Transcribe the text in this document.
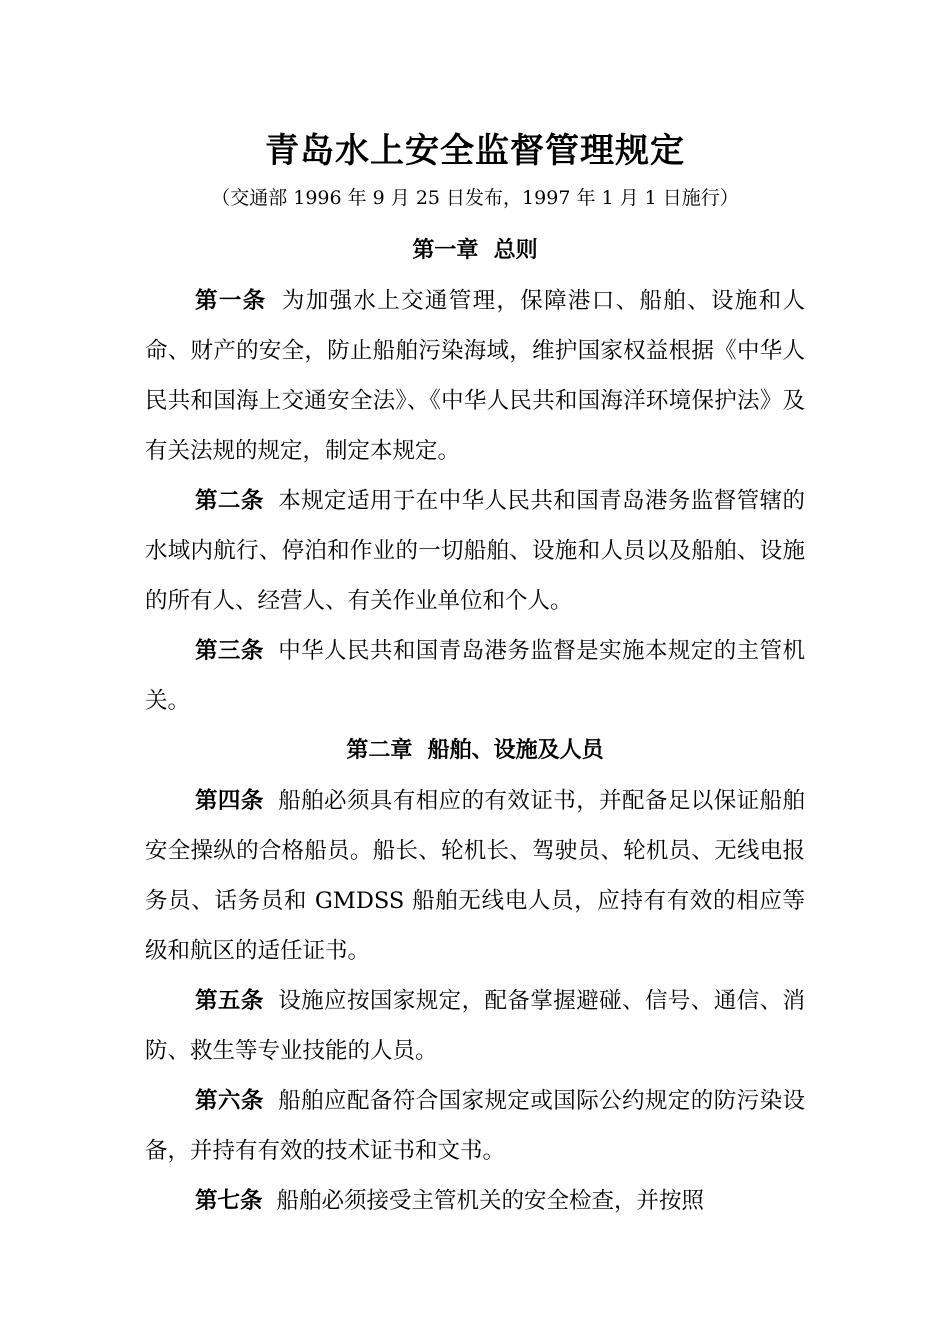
青岛水上安全监督管理规定
（交通部 1996 年 9 月 25 日发布，1997 年 1 月 1 日施行）
第一章  总则
第一条 为加强水上交通管理，保障港口、船舶、设施和人命、财产的安全，防止船舶污染海域，维护国家权益根据《中华人民共和国海上交通安全法》、《中华人民共和国海洋环境保护法》及有关法规的规定，制定本规定。
第二条 本规定适用于在中华人民共和国青岛港务监督管辖的水域内航行、停泊和作业的一切船舶、设施和人员以及船舶、设施的所有人、经营人、有关作业单位和个人。
第三条 中华人民共和国青岛港务监督是实施本规定的主管机关。
第二章  船舶、设施及人员
第四条 船舶必须具有相应的有效证书，并配备足以保证船舶安全操纵的合格船员。船长、轮机长、驾驶员、轮机员、无线电报务员、话务员和 GMDSS 船舶无线电人员，应持有有效的相应等级和航区的适任证书。
第五条 设施应按国家规定，配备掌握避碰、信号、通信、消防、救生等专业技能的人员。
第六条 船舶应配备符合国家规定或国际公约规定的防污染设备，并持有有效的技术证书和文书。
第七条 船舶必须接受主管机关的安全检查，并按照
